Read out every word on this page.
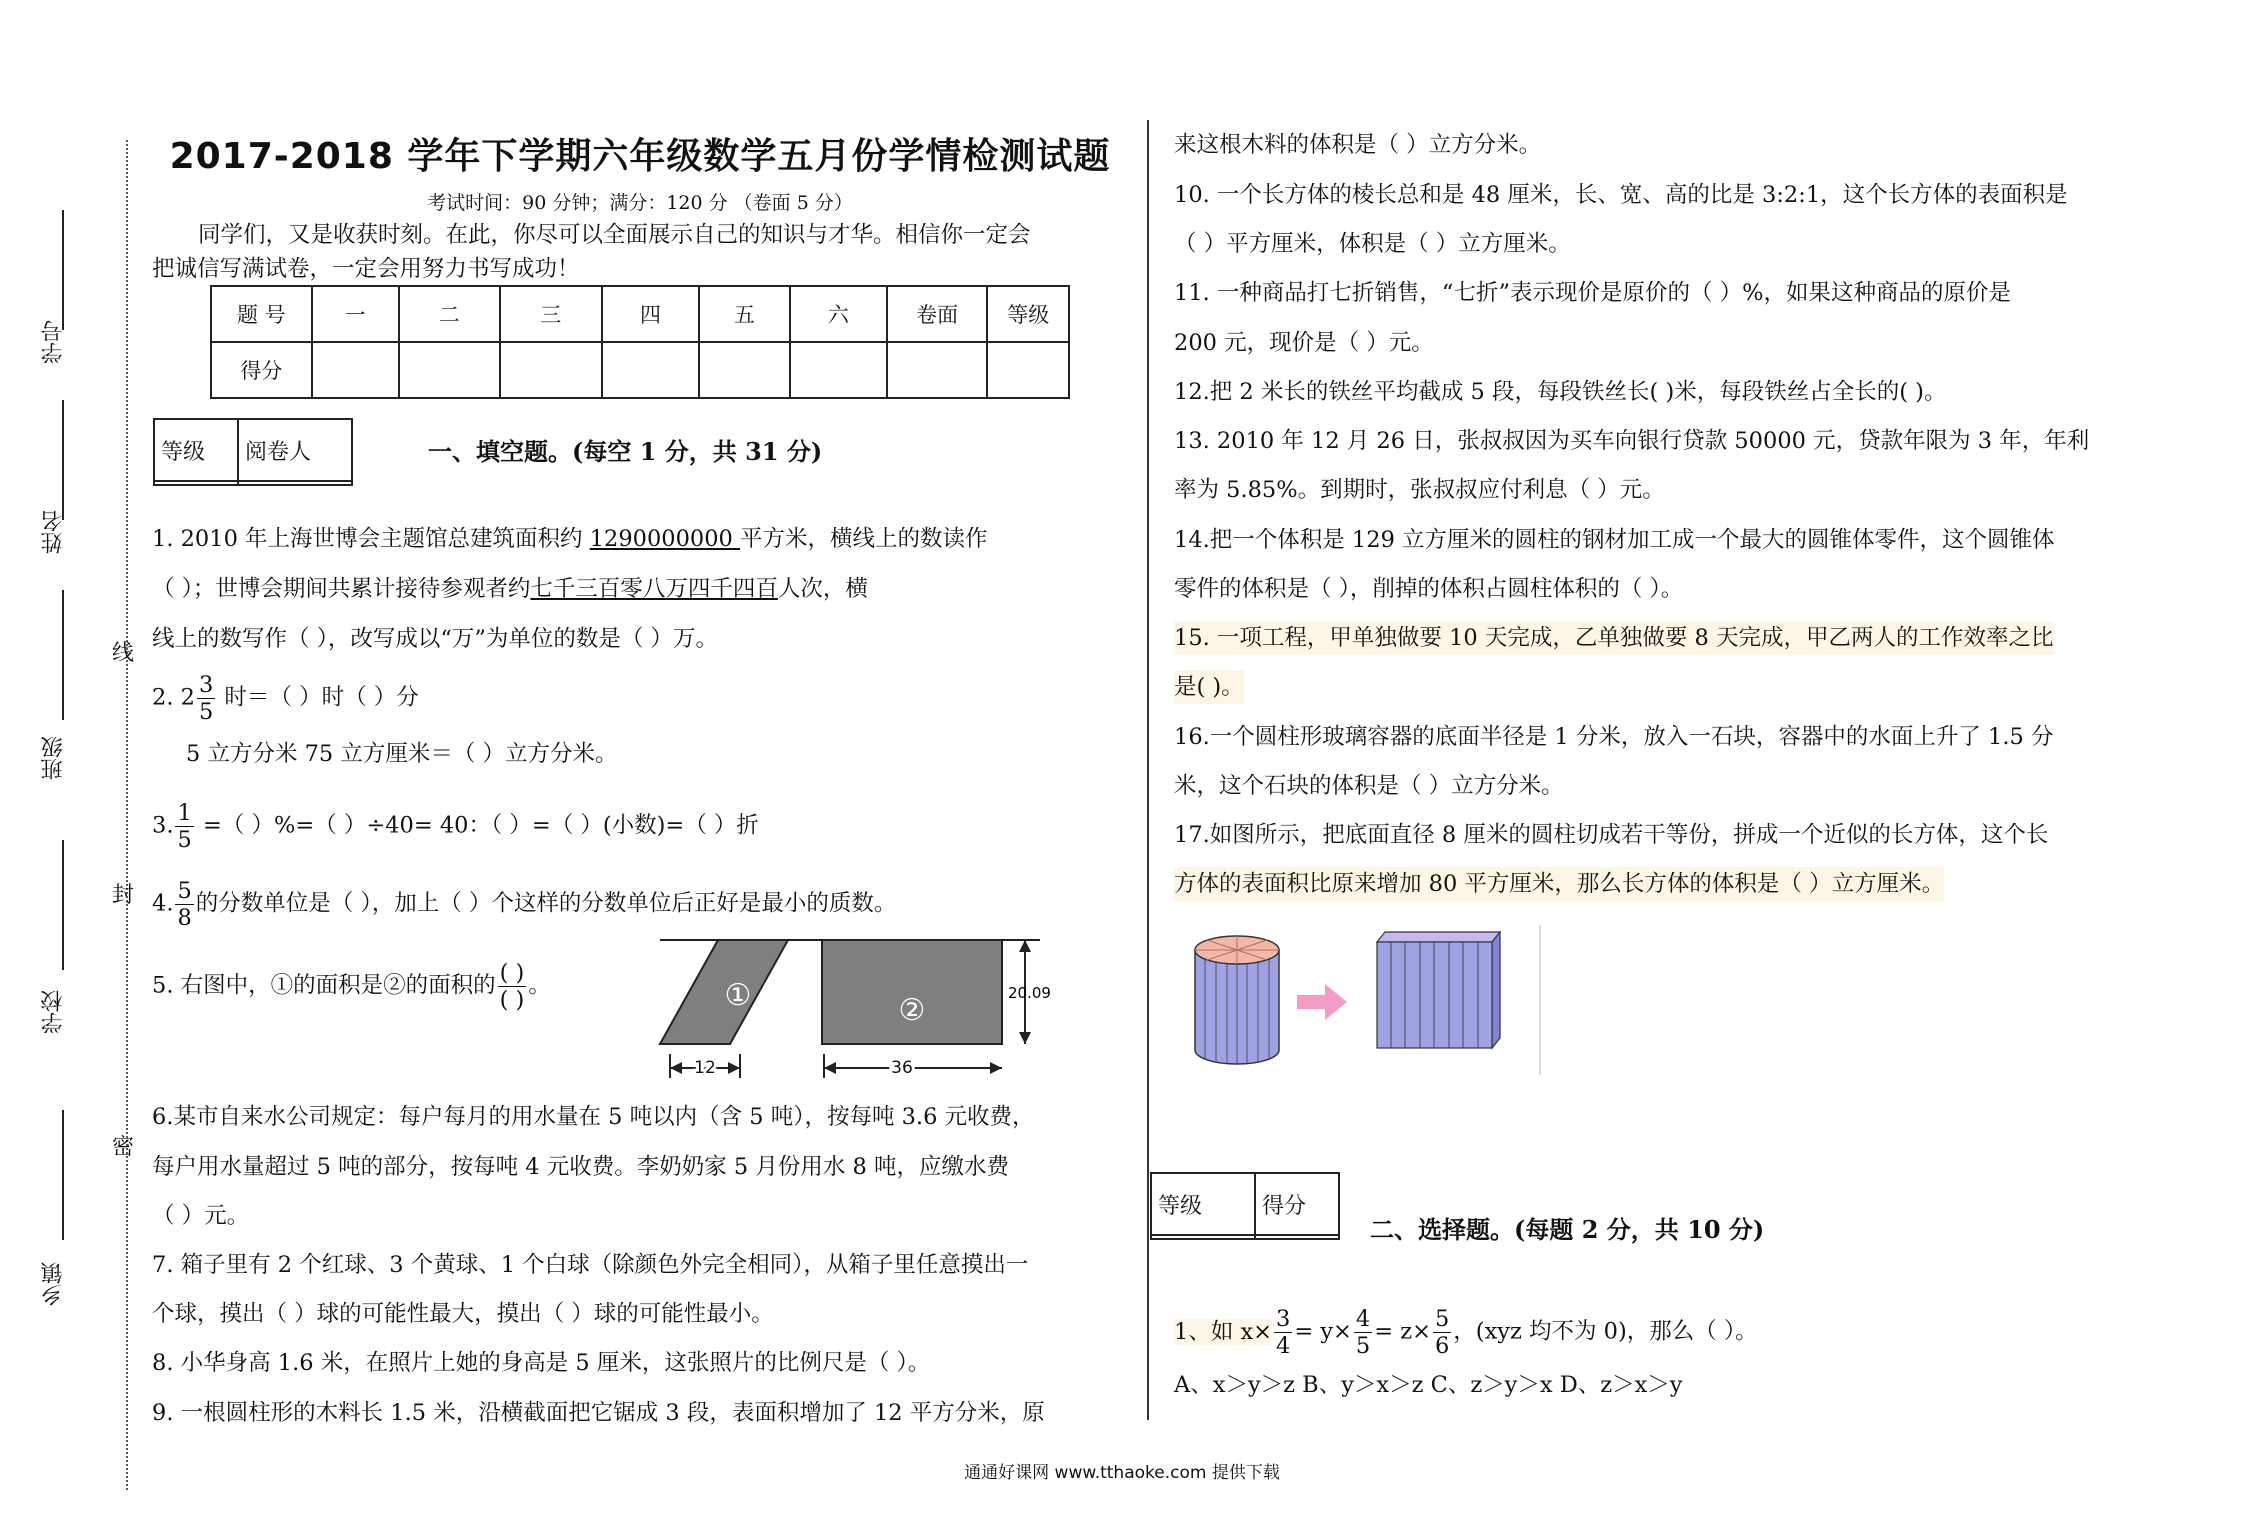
学号
姓名
班级
学校
乡镇
线
封
密
2017-2018 学年下学期六年级数学五月份学情检测试题
考试时间：90 分钟；满分：120 分 （卷面 5 分）
同学们，又是收获时刻。在此，你尽可以全面展示自己的知识与才华。相信你一定会
把诚信写满试卷，一定会用努力书写成功！
题 号	一	二	三	四	五	六	卷面	等级
得分								
等级	阅卷人
		一、填空题。(每空 1 分，共 31 分)
1. 2010 年上海世博会主题馆总建筑面积约 1290000000 平方米，横线上的数读作
（ ）；世博会期间共累计接待参观者约七千三百零八万四千四百人次，横
线上的数写作（ ），改写成以“万”为单位的数是（ ）万。
2. $2 \frac{3}{5}$ 时＝（ ）时（ ）分
5 立方分米 75 立方厘米＝（ ）立方分米。
3. $\frac{1}{5}$ =（ ）%=（ ）÷40= 40：（ ）=（ ）(小数)=（ ）折
4. $\frac{5}{8}$ 的分数单位是（ ），加上（ ）个这样的分数单位后正好是最小的质数。
5. 右图中，①的面积是②的面积的 $\frac{( )}{( )}$ 。	①	②	20.09
12	36
6.某市自来水公司规定：每户每月的用水量在 5 吨以内（含 5 吨），按每吨 3.6 元收费，
每户用水量超过 5 吨的部分，按每吨 4 元收费。李奶奶家 5 月份用水 8 吨，应缴水费
（ ）元。
7. 箱子里有 2 个红球、3 个黄球、1 个白球（除颜色外完全相同），从箱子里任意摸出一
个球，摸出（ ）球的可能性最大，摸出（ ）球的可能性最小。
8. 小华身高 1.6 米，在照片上她的身高是 5 厘米，这张照片的比例尺是（ ）。
9. 一根圆柱形的木料长 1.5 米，沿横截面把它锯成 3 段，表面积增加了 12 平方分米，原
来这根木料的体积是（ ）立方分米。
10. 一个长方体的棱长总和是 48 厘米，长、宽、高的比是 3:2:1，这个长方体的表面积是
（ ）平方厘米，体积是（ ）立方厘米。
11. 一种商品打七折销售，“七折”表示现价是原价的（ ）%，如果这种商品的原价是
200 元，现价是（ ）元。
12.把 2 米长的铁丝平均截成 5 段，每段铁丝长( )米，每段铁丝占全长的( )。
13. 2010 年 12 月 26 日，张叔叔因为买车向银行贷款 50000 元，贷款年限为 3 年，年利
率为 5.85%。到期时，张叔叔应付利息（ ）元。
14.把一个体积是 129 立方厘米的圆柱的钢材加工成一个最大的圆锥体零件，这个圆锥体
零件的体积是（ ），削掉的体积占圆柱体积的（ ）。
15. 一项工程，甲单独做要 10 天完成，乙单独做要 8 天完成，甲乙两人的工作效率之比
是( )。
16.一个圆柱形玻璃容器的底面半径是 1 分米，放入一石块，容器中的水面上升了 1.5 分
米，这个石块的体积是（ ）立方分米。
17.如图所示，把底面直径 8 厘米的圆柱切成若干等份，拼成一个近似的长方体，这个长
方体的表面积比原来增加 80 平方厘米，那么长方体的体积是（ ）立方厘米。
等级	得分

二、选择题。(每题 2 分，共 10 分)
1、如 $x\times \frac{3}{4} = y\times \frac{4}{5} = z\times \frac{5}{6}$ ，(xyz 均不为 0)，那么（ ）。
A、x＞y＞z B、y＞x＞z C、z＞y＞x D、z＞x＞y
通通好课网 www.tthaoke.com 提供下载
